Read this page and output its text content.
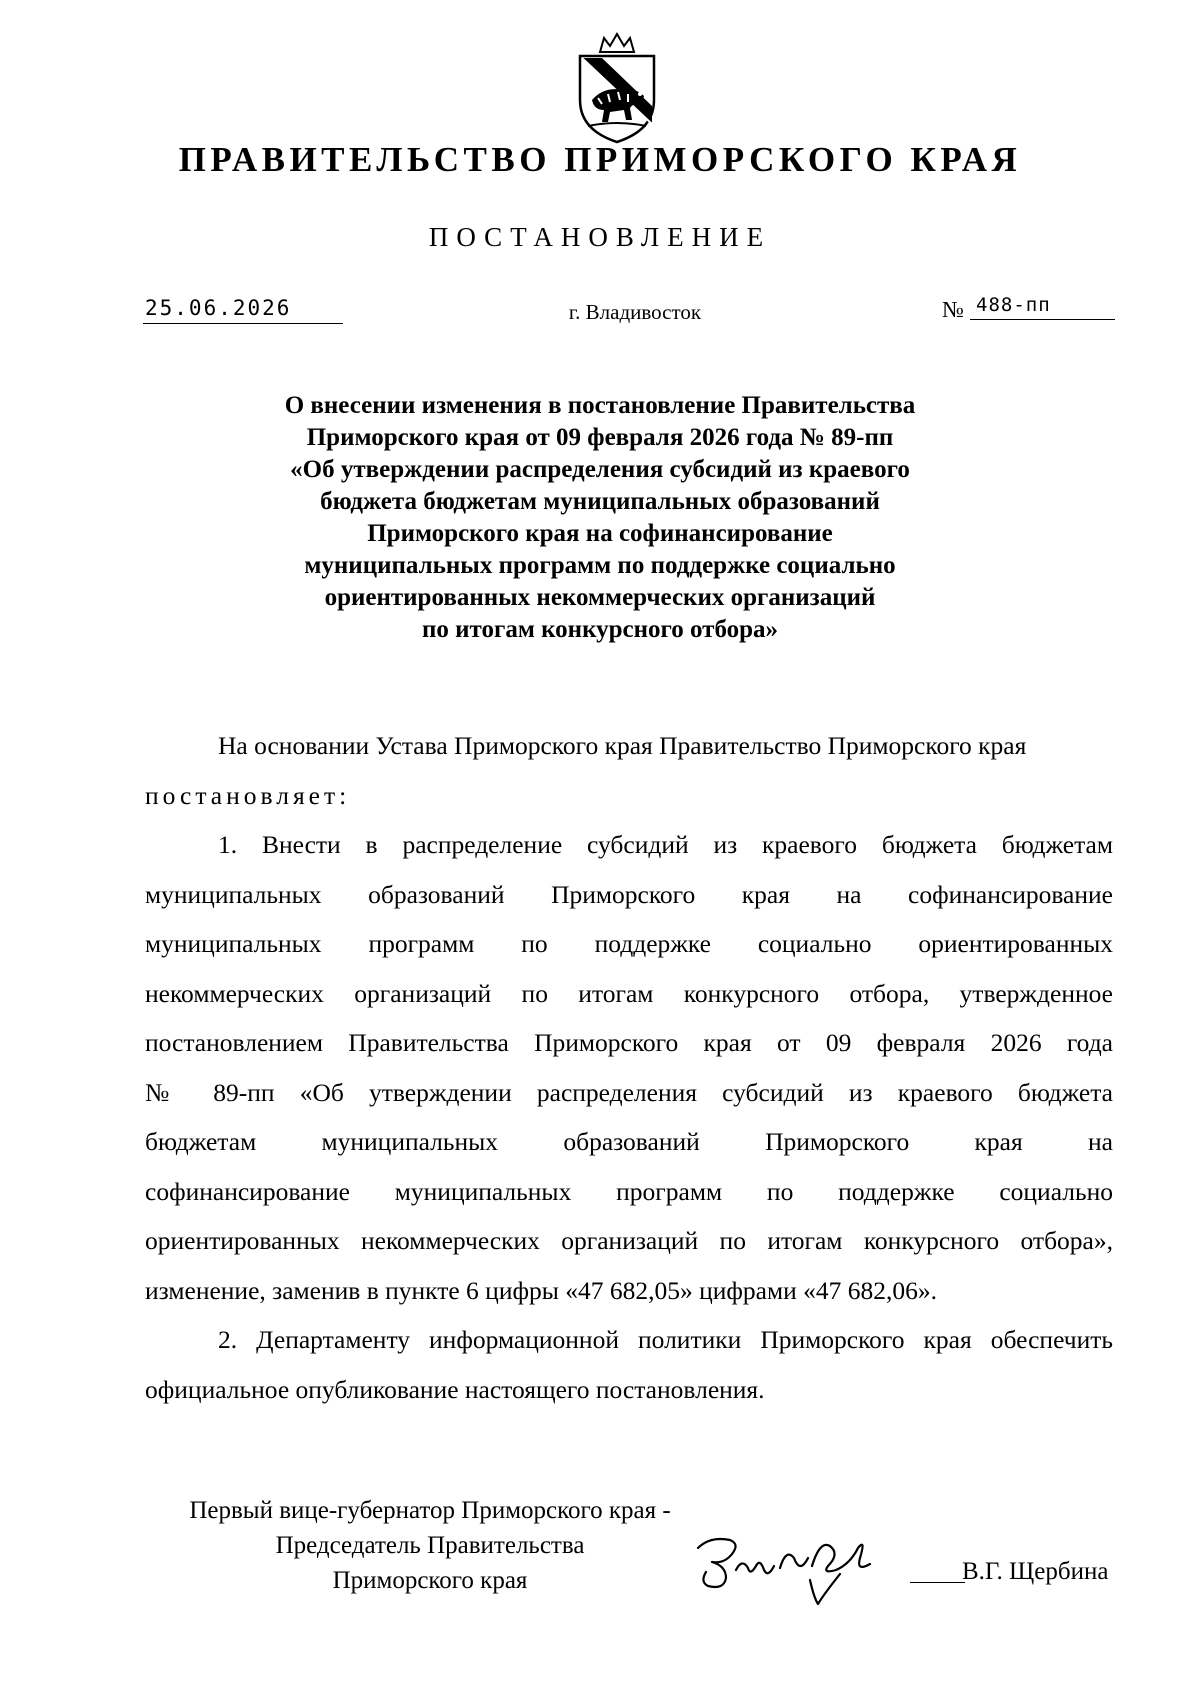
ПРАВИТЕЛЬСТВО ПРИМОРСКОГО КРАЯ
ПОСТАНОВЛЕНИЕ
25.06.2026	г. Владивосток	№ 488-пп
О внесении изменения в постановление Правительства
Приморского края от 09 февраля 2026 года № 89-пп
«Об утверждении распределения субсидий из краевого
бюджета бюджетам муниципальных образований
Приморского края на софинансирование
муниципальных программ по поддержке социально
ориентированных некоммерческих организаций
по итогам конкурсного отбора»
На основании Устава Приморского края Правительство Приморского края
постановляет:
1. Внести в распределение субсидий из краевого бюджета бюджетам
муниципальных образований Приморского края на софинансирование
муниципальных программ по поддержке социально ориентированных
некоммерческих организаций по итогам конкурсного отбора, утвержденное
постановлением Правительства Приморского края от 09 февраля 2026 года
№ 89-пп «Об утверждении распределения субсидий из краевого бюджета
бюджетам муниципальных образований Приморского края на
софинансирование муниципальных программ по поддержке социально
ориентированных некоммерческих организаций по итогам конкурсного отбора»,
изменение, заменив в пункте 6 цифры «47 682,05» цифрами «47 682,06».
2. Департаменту информационной политики Приморского края обеспечить
официальное опубликование настоящего постановления.
Первый вице-губернатор Приморского края -
Председатель Правительства
Приморского края	В.Г. Щербина
